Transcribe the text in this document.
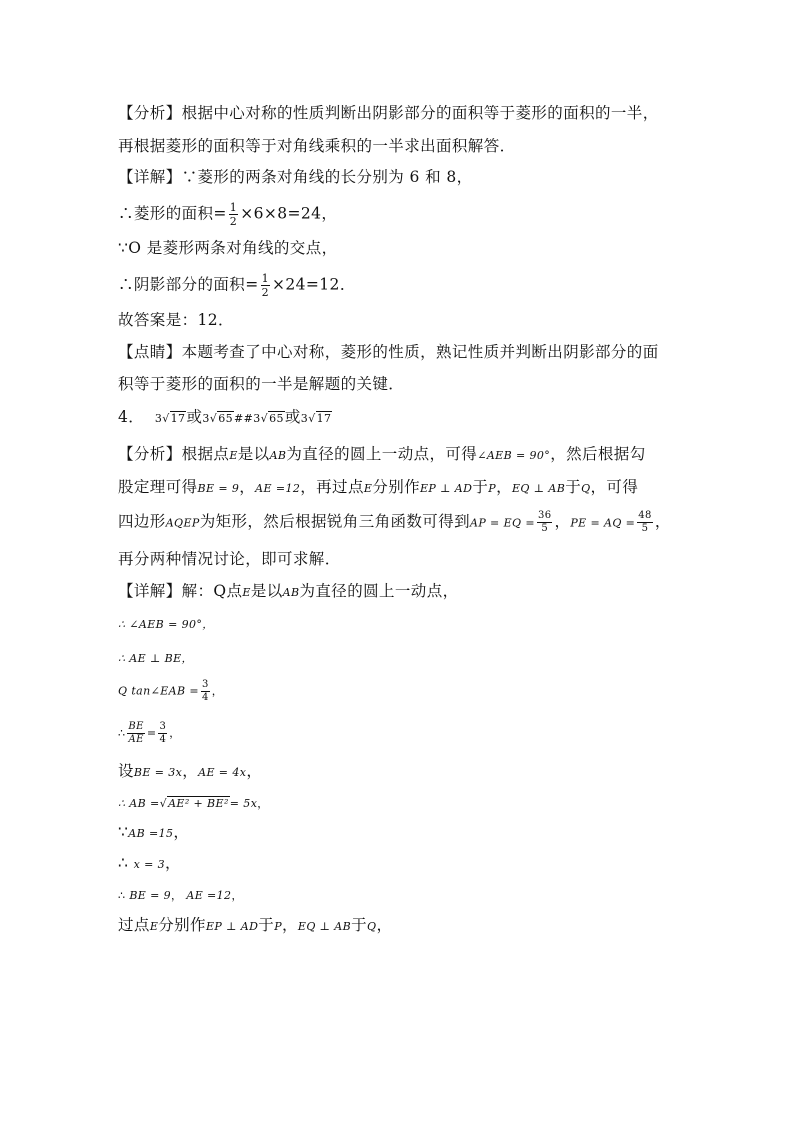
【分析】根据中心对称的性质判断出阴影部分的面积等于菱形的面积的一半，
再根据菱形的面积等于对角线乘积的一半求出面积解答．
【详解】∵菱形的两条对角线的长分别为 6 和 8，
∴菱形的面积= $\frac{1}{2} \times 6\times 8=24$，
∵O 是菱形两条对角线的交点，
∴阴影部分的面积= $\frac{1}{2} \times 24=12$．
故答案是：12．
【点睛】本题考查了中心对称，菱形的性质，熟记性质并判断出阴影部分的面
积等于菱形的面积的一半是解题的关键．
4． 3√17或3√65##3√65或3√17
【分析】根据点E是以AB为直径的圆上一动点，可得∠AEB = 90°，然后根据勾
股定理可得BE = 9，AE =12，再过点E分别作EP ⊥ AD于P，EQ ⊥ AB于Q，可得
四边形AQEP为矩形，然后根据锐角三角函数可得到AP = EQ = $\frac{36}{5}$ ，PE = AQ = $\frac{48}{5}$ ，
再分两种情况讨论，即可求解．
【详解】解：Q点E是以AB为直径的圆上一动点，
∴ ∠AEB = 90°，
∴ AE ⊥ BE，
Q tan∠EAB = $\frac{3}{4}$ ，
∴ $\frac{BE}{AE} = \frac{3}{4}$ ，
设BE = 3x，AE = 4x，
∴ AB =√AE² + BE²= 5x，
∵AB =15，
∴ x = 3，
∴ BE = 9， AE =12，
过点E分别作EP ⊥ AD于P，EQ ⊥ AB于Q，
